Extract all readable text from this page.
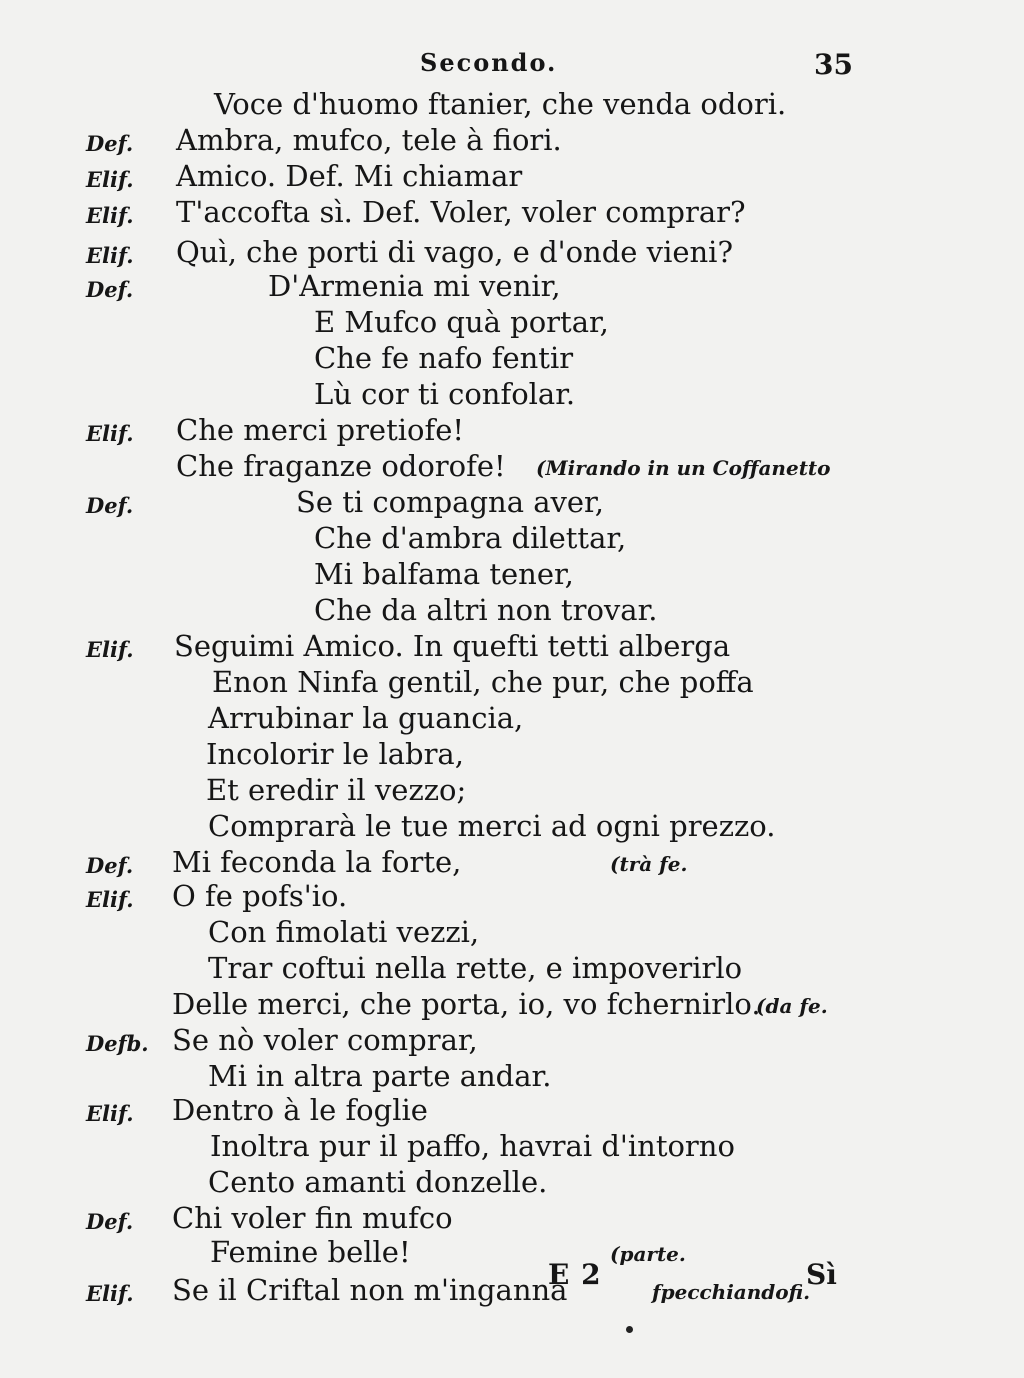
Secondo.	35
Voce d'huomo ftanier, che venda odori.
Def. Ambra, mufco, tele à fiori.
Elif. Amico. Def. Mi chiamar
Elif. T'accofta sì. Def. Voler, voler comprar?
Elif. Quì, che porti di vago, e d'onde vieni?
Def.	D'Armenia mi venir,
E Mufco quà portar,
Che fe nafo fentir
Lù cor ti confolar.
Elif. Che merci pretiofe!
Che fraganze odorofe! (Mirando in un Coffanetto
Def.	Se ti compagna aver,
Che d'ambra dilettar,
Mi balfama tener,
Che da altri non trovar.
Elif. Seguimi Amico. In quefti tetti alberga
Enon Ninfa gentil, che pur, che poffa
Arrubinar la guancia,
Incolorir le labra,
Et eredir il vezzo;
Comprarà le tue merci ad ogni prezzo.
Def. Mi feconda la forte,	(trà fe.
Elif. O fe pofs'io.
Con fimolati vezzi,
Trar coftui nella rette, e impoverirlo
Delle merci, che porta, io, vo fchernirlo.
(da fe.
Defb. Se nò voler comprar,
Mi in altra parte andar.
Elif. Dentro à le foglie
Inoltra pur il paffo, havrai d'intorno
Cento amanti donzelle.
Def. Chi voler fin mufco
Femine belle!	(parte.
Elif. Se il Criftal non m'inganna	fpecchiandofi.
E 2	Sì
